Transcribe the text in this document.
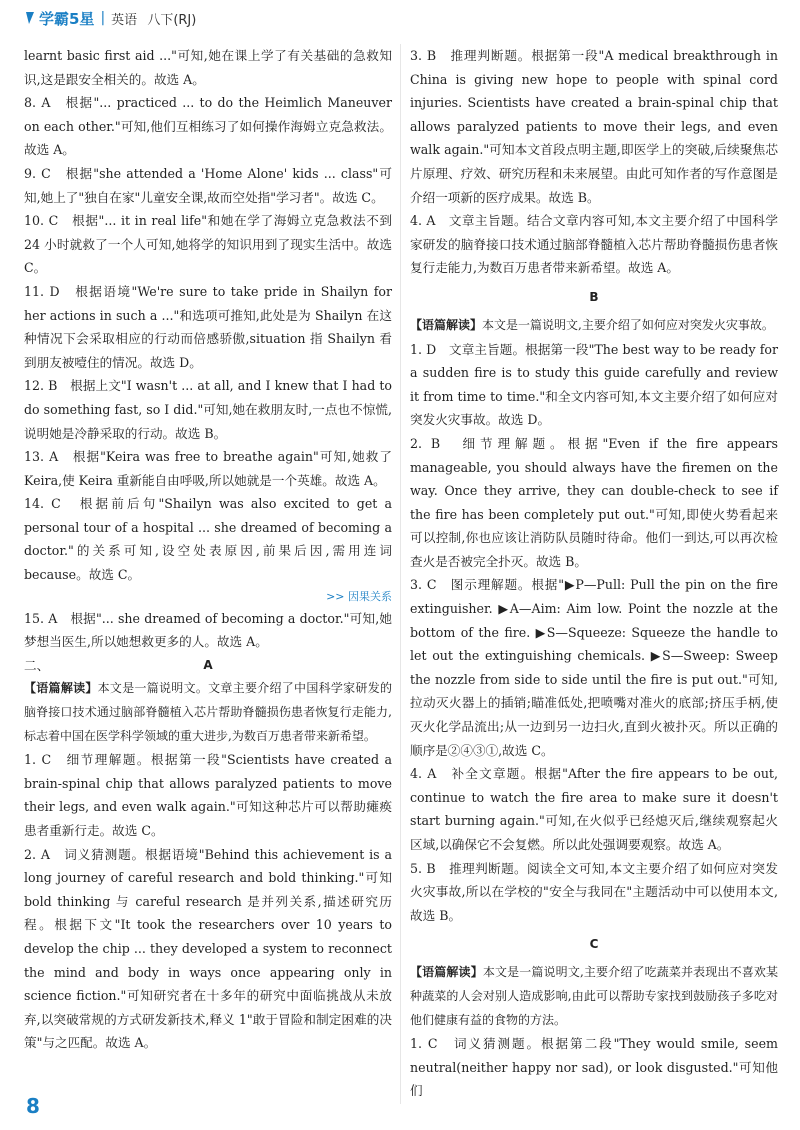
学霸5星 | 英语 八下(RJ)

learnt basic first aid ..."可知,她在课上学了有关基础的急救知识,这是跟安全相关的。故选 A。

8. A　根据"... practiced ... to do the Heimlich Maneuver on each other."可知,他们互相练习了如何操作海姆立克急救法。故选 A。

9. C　根据"she attended a 'Home Alone' kids ... class"可知,她上了"独自在家"儿童安全课,故而空处指"学习者"。故选 C。

10. C　根据"... it in real life"和她在学了海姆立克急救法不到 24 小时就救了一个人可知,她将学的知识用到了现实生活中。故选 C。

11. D　根据语境"We're sure to take pride in Shailyn for her actions in such a ..."和选项可推知,此处是为 Shailyn 在这种情况下会采取相应的行动而倍感骄傲,situation 指 Shailyn 看到朋友被噎住的情况。故选 D。

12. B　根据上文"I wasn't ... at all, and I knew that I had to do something fast, so I did."可知,她在救朋友时,一点也不惊慌,说明她是冷静采取的行动。故选 B。

13. A　根据"Keira was free to breathe again"可知,她救了 Keira,使 Keira 重新能自由呼吸,所以她就是一个英雄。故选 A。

14. C　根据前后句"Shailyn was also excited to get a personal tour of a hospital ... she dreamed of becoming a doctor."的关系可知,设空处表原因,前果后因,需用连词 because。故选 C。

>> 因果关系

15. A　根据"... she dreamed of becoming a doctor."可知,她梦想当医生,所以她想救更多的人。故选 A。

二、	A

【语篇解读】本文是一篇说明文。文章主要介绍了中国科学家研发的脑脊接口技术通过脑部脊髓植入芯片帮助脊髓损伤患者恢复行走能力,标志着中国在医学科学领域的重大进步,为数百万患者带来新希望。

1. C　细节理解题。根据第一段"Scientists have created a brain-spinal chip that allows paralyzed patients to move their legs, and even walk again."可知这种芯片可以帮助瘫痪患者重新行走。故选 C。

2. A　词义猜测题。根据语境"Behind this achievement is a long journey of careful research and bold thinking."可知 bold thinking 与 careful research 是并列关系,描述研究历程。根据下文"It took the researchers over 10 years to develop the chip ... they developed a system to reconnect the mind and body in ways once appearing only in science fiction."可知研究者在十多年的研究中面临挑战从未放弃,以突破常规的方式研发新技术,释义 1"敢于冒险和制定困难的决策"与之匹配。故选 A。

3. B　推理判断题。根据第一段"A medical breakthrough in China is giving new hope to people with spinal cord injuries. Scientists have created a brain-spinal chip that allows paralyzed patients to move their legs, and even walk again."可知本文首段点明主题,即医学上的突破,后续聚焦芯片原理、疗效、研究历程和未来展望。由此可知作者的写作意图是介绍一项新的医疗成果。故选 B。

4. A　文章主旨题。结合文章内容可知,本文主要介绍了中国科学家研发的脑脊接口技术通过脑部脊髓植入芯片帮助脊髓损伤患者恢复行走能力,为数百万患者带来新希望。故选 A。

B

【语篇解读】本文是一篇说明文,主要介绍了如何应对突发火灾事故。

1. D　文章主旨题。根据第一段"The best way to be ready for a sudden fire is to study this guide carefully and review it from time to time."和全文内容可知,本文主要介绍了如何应对突发火灾事故。故选 D。

2. B　细节理解题。根据"Even if the fire appears manageable, you should always have the firemen on the way. Once they arrive, they can double-check to see if the fire has been completely put out."可知,即使火势看起来可以控制,你也应该让消防队员随时待命。他们一到达,可以再次检查火是否被完全扑灭。故选 B。

3. C　图示理解题。根据"▶P—Pull: Pull the pin on the fire extinguisher. ▶A—Aim: Aim low. Point the nozzle at the bottom of the fire. ▶S—Squeeze: Squeeze the handle to let out the extinguishing chemicals. ▶S—Sweep: Sweep the nozzle from side to side until the fire is put out."可知,拉动灭火器上的插销;瞄准低处,把喷嘴对准火的底部;挤压手柄,使灭火化学品流出;从一边到另一边扫火,直到火被扑灭。所以正确的顺序是②④③①,故选 C。

4. A　补全文章题。根据"After the fire appears to be out, continue to watch the fire area to make sure it doesn't start burning again."可知,在火似乎已经熄灭后,继续观察起火区域,以确保它不会复燃。所以此处强调要观察。故选 A。

5. B　推理判断题。阅读全文可知,本文主要介绍了如何应对突发火灾事故,所以在学校的"安全与我同在"主题活动中可以使用本文,故选 B。

C

【语篇解读】本文是一篇说明文,主要介绍了吃蔬菜并表现出不喜欢某种蔬菜的人会对别人造成影响,由此可以帮助专家找到鼓励孩子多吃对他们健康有益的食物的方法。

1. C　词义猜测题。根据第二段"They would smile, seem neutral(neither happy nor sad), or look disgusted."可知他们

8
